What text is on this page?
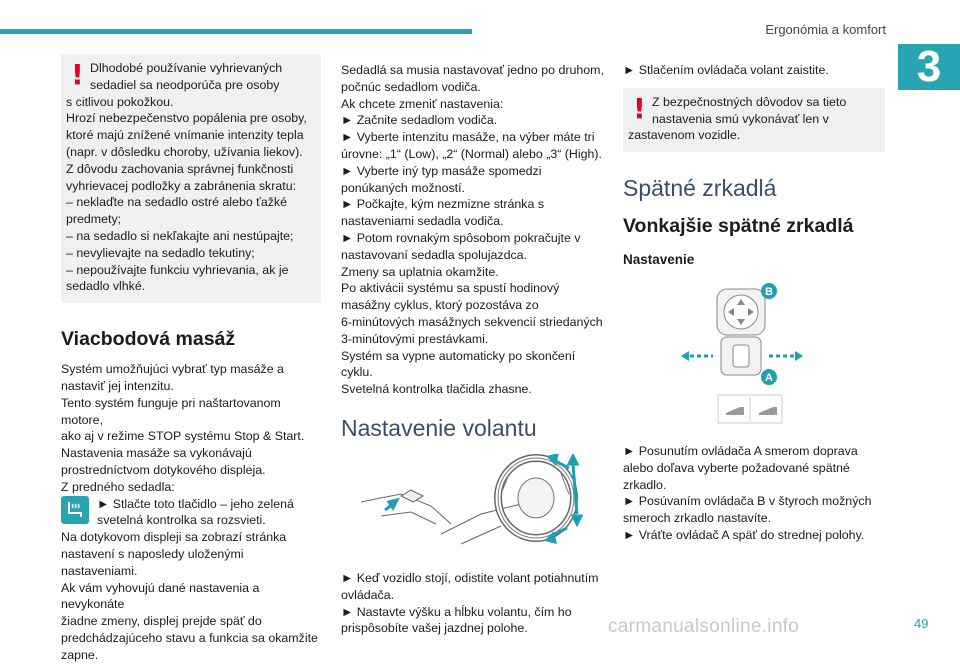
Ergonómia a komfort
3
! Dlhodobé používanie vyhrievaných
sedadiel sa neodporúča pre osoby
s citlivou pokožkou.
Hrozí nebezpečenstvo popálenia pre osoby,
ktoré majú znížené vnímanie intenzity tepla
(napr. v dôsledku choroby, užívania liekov).
Z dôvodu zachovania správnej funkčnosti
vyhrievacej podložky a zabránenia skratu:
– neklaďte na sedadlo ostré alebo ťažké
predmety;
– na sedadlo si nekľakajte ani nestúpajte;
– nevylievajte na sedadlo tekutiny;
– nepoužívajte funkciu vyhrievania, ak je
sedadlo vlhké.
Viacbodová masáž
Systém umožňujúci vybrať typ masáže a
nastaviť jej intenzitu.
Tento systém funguje pri naštartovanom motore,
ako aj v režime STOP systému Stop & Start.
Nastavenia masáže sa vykonávajú
prostredníctvom dotykového displeja.
Z predného sedadla:
► Stlačte toto tlačidlo – jeho zelená
svetelná kontrolka sa rozsvieti.
Na dotykovom displeji sa zobrazí stránka
nastavení s naposledy uloženými nastaveniami.
Ak vám vyhovujú dané nastavenia a nevykonáte
žiadne zmeny, displej prejde späť do
predchádzajúceho stavu a funkcia sa okamžite
zapne.
Sedadlá sa musia nastavovať jedno po druhom,
počnúc sedadlom vodiča.
Ak chcete zmeniť nastavenia:
► Začnite sedadlom vodiča.
► Vyberte intenzitu masáže, na výber máte tri
úrovne: „1“ (Low), „2“ (Normal) alebo „3“ (High).
► Vyberte iný typ masáže spomedzi
ponúkaných možností.
► Počkajte, kým nezmizne stránka s
nastaveniami sedadla vodiča.
► Potom rovnakým spôsobom pokračujte v
nastavovaní sedadla spolujazdca.
Zmeny sa uplatnia okamžite.
Po aktivácii systému sa spustí hodinový
masážny cyklus, ktorý pozostáva zo
6-minútových masážnych sekvencií striedaných
3-minútovými prestávkami.
Systém sa vypne automaticky po skončení cyklu.
Svetelná kontrolka tlačidla zhasne.
Nastavenie volantu
► Keď vozidlo stojí, odistite volant potiahnutím
ovládača.
► Nastavte výšku a hĺbku volantu, čím ho
prispôsobíte vašej jazdnej polohe.
► Stlačením ovládača volant zaistite.
! Z bezpečnostných dôvodov sa tieto
nastavenia smú vykonávať len v
zastavenom vozidle.
Spätné zrkadlá
Vonkajšie spätné zrkadlá
Nastavenie
B
A
► Posunutím ovládača A smerom doprava
alebo doľava vyberte požadované spätné
zrkadlo.
► Posúvaním ovládača B v štyroch možných
smeroch zrkadlo nastavíte.
► Vráťte ovládač A späť do strednej polohy.
carmanualsonline.info	49
